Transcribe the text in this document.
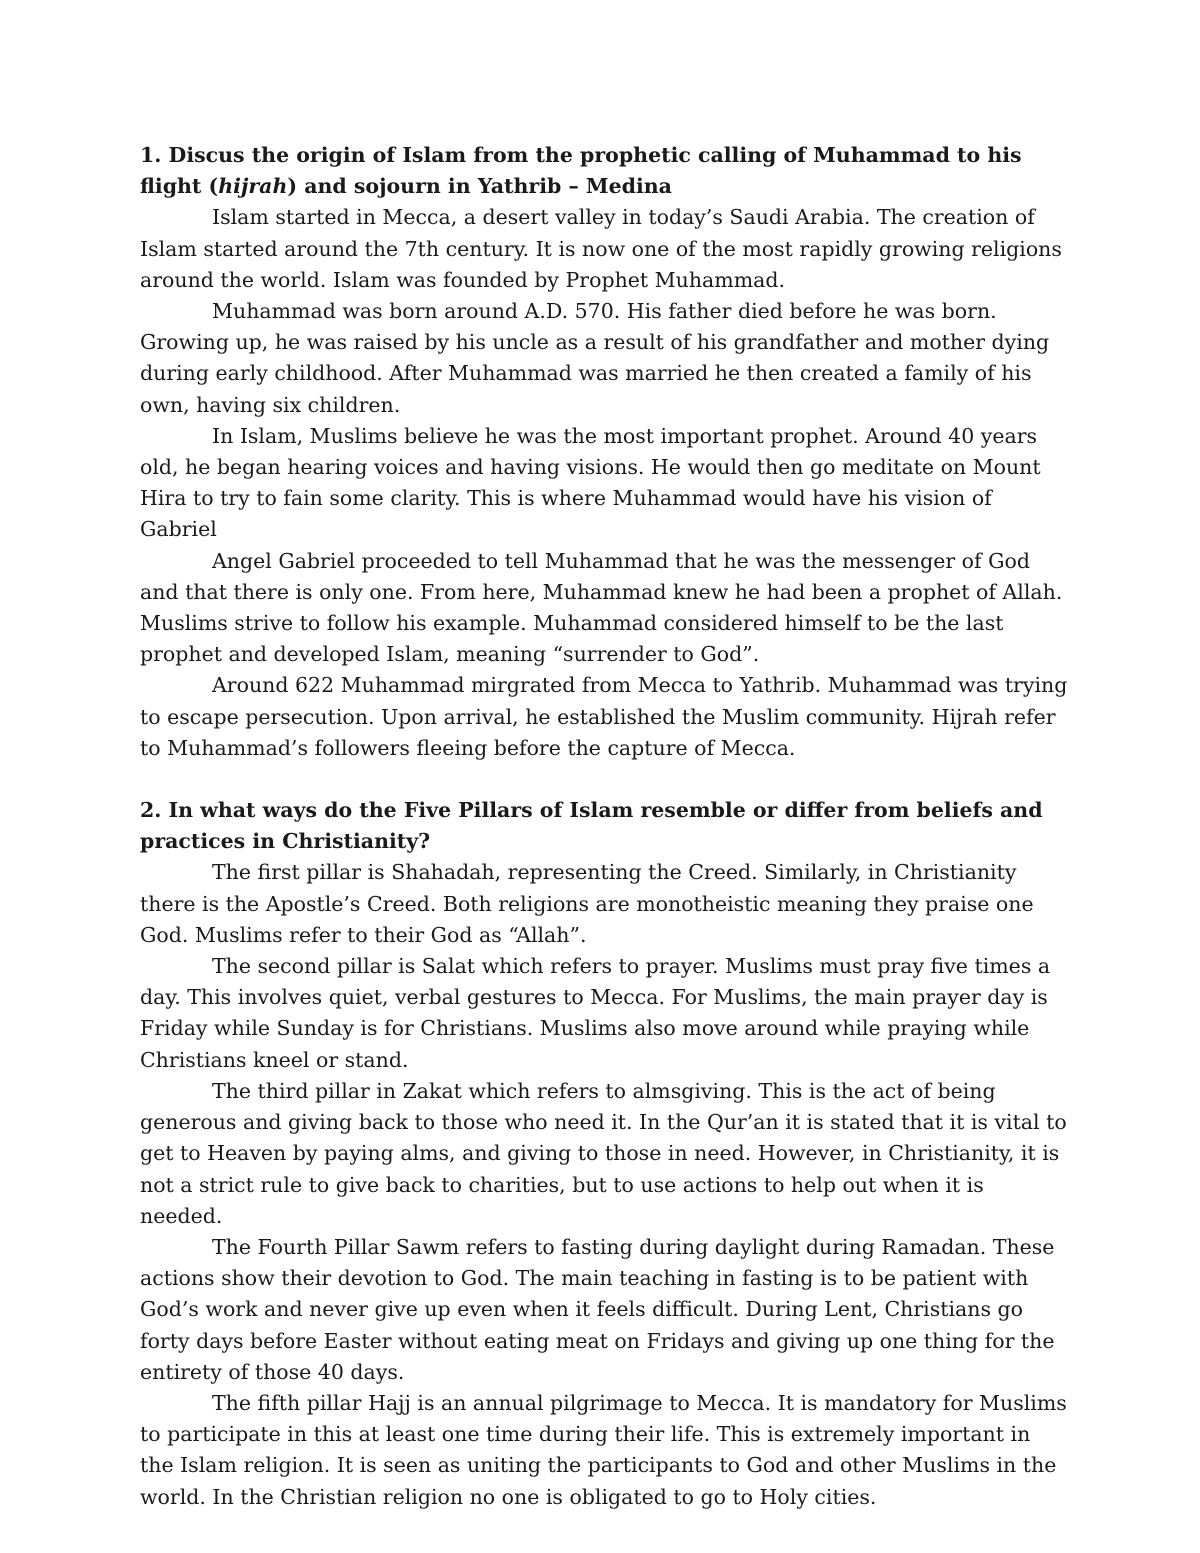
1. Discus the origin of Islam from the prophetic calling of Muhammad to his flight (hijrah) and sojourn in Yathrib – Medina

Islam started in Mecca, a desert valley in today’s Saudi Arabia. The creation of Islam started around the 7th century. It is now one of the most rapidly growing religions around the world. Islam was founded by Prophet Muhammad.

Muhammad was born around A.D. 570. His father died before he was born. Growing up, he was raised by his uncle as a result of his grandfather and mother dying during early childhood. After Muhammad was married he then created a family of his own, having six children.

In Islam, Muslims believe he was the most important prophet. Around 40 years old, he began hearing voices and having visions. He would then go meditate on Mount Hira to try to fain some clarity. This is where Muhammad would have his vision of Gabriel

Angel Gabriel proceeded to tell Muhammad that he was the messenger of God and that there is only one. From here, Muhammad knew he had been a prophet of Allah. Muslims strive to follow his example. Muhammad considered himself to be the last prophet and developed Islam, meaning “surrender to God”.

Around 622 Muhammad mirgrated from Mecca to Yathrib. Muhammad was trying to escape persecution. Upon arrival, he established the Muslim community. Hijrah refer to Muhammad’s followers fleeing before the capture of Mecca.

2. In what ways do the Five Pillars of Islam resemble or differ from beliefs and practices in Christianity?

The first pillar is Shahadah, representing the Creed. Similarly, in Christianity there is the Apostle’s Creed. Both religions are monotheistic meaning they praise one God. Muslims refer to their God as “Allah”.

The second pillar is Salat which refers to prayer. Muslims must pray five times a day. This involves quiet, verbal gestures to Mecca. For Muslims, the main prayer day is Friday while Sunday is for Christians. Muslims also move around while praying while Christians kneel or stand.

The third pillar in Zakat which refers to almsgiving. This is the act of being generous and giving back to those who need it. In the Qur’an it is stated that it is vital to get to Heaven by paying alms, and giving to those in need. However, in Christianity, it is not a strict rule to give back to charities, but to use actions to help out when it is needed.

The Fourth Pillar Sawm refers to fasting during daylight during Ramadan. These actions show their devotion to God. The main teaching in fasting is to be patient with God’s work and never give up even when it feels difficult. During Lent, Christians go forty days before Easter without eating meat on Fridays and giving up one thing for the entirety of those 40 days.

The fifth pillar Hajj is an annual pilgrimage to Mecca. It is mandatory for Muslims to participate in this at least one time during their life. This is extremely important in the Islam religion. It is seen as uniting the participants to God and other Muslims in the world. In the Christian religion no one is obligated to go to Holy cities.
